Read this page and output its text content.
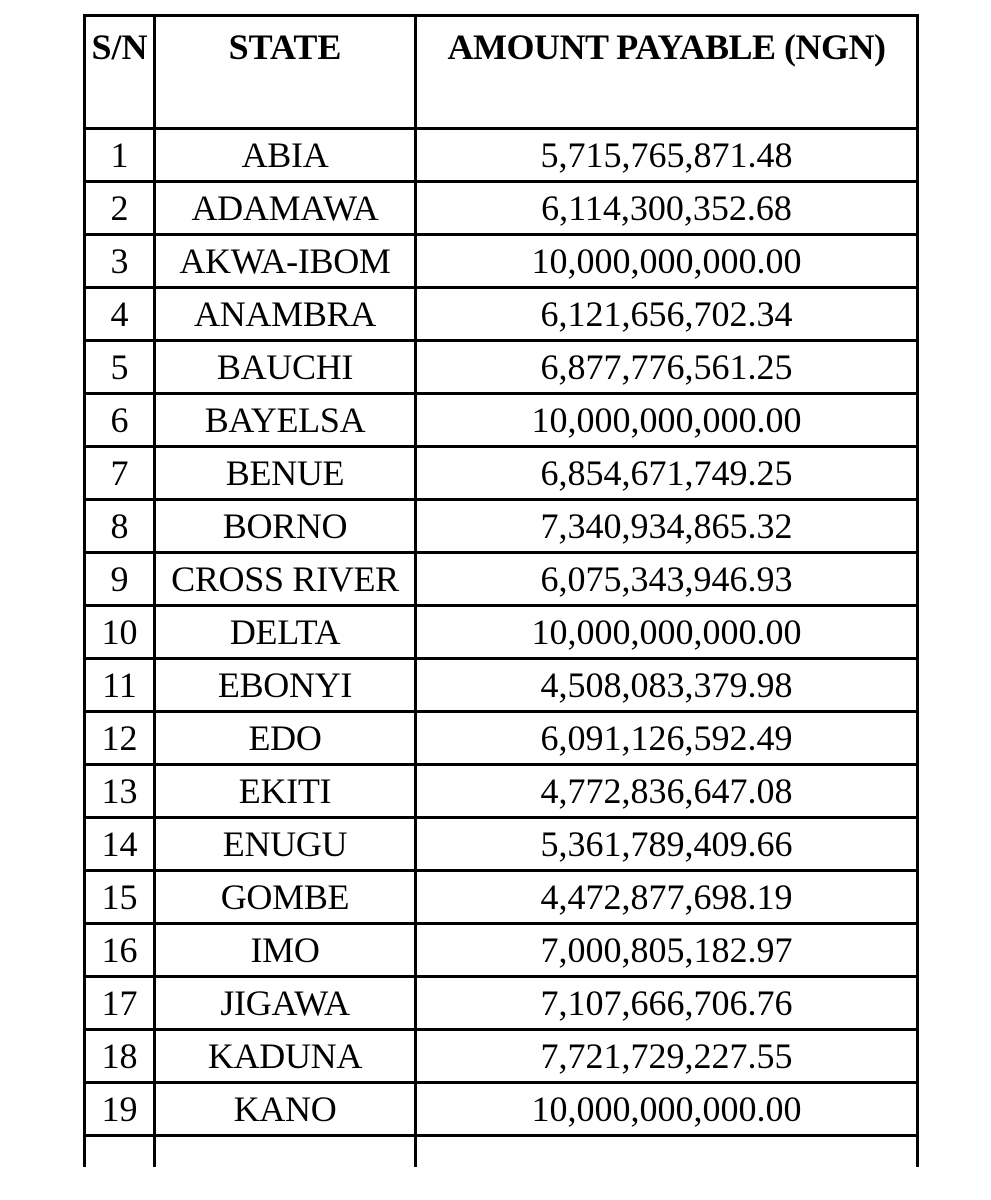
S/N	STATE	AMOUNT PAYABLE (NGN)
1	ABIA	5,715,765,871.48
2	ADAMAWA	6,114,300,352.68
3	AKWA-IBOM	10,000,000,000.00
4	ANAMBRA	6,121,656,702.34
5	BAUCHI	6,877,776,561.25
6	BAYELSA	10,000,000,000.00
7	BENUE	6,854,671,749.25
8	BORNO	7,340,934,865.32
9	CROSS RIVER	6,075,343,946.93
10	DELTA	10,000,000,000.00
11	EBONYI	4,508,083,379.98
12	EDO	6,091,126,592.49
13	EKITI	4,772,836,647.08
14	ENUGU	5,361,789,409.66
15	GOMBE	4,472,877,698.19
16	IMO	7,000,805,182.97
17	JIGAWA	7,107,666,706.76
18	KADUNA	7,721,729,227.55
19	KANO	10,000,000,000.00
